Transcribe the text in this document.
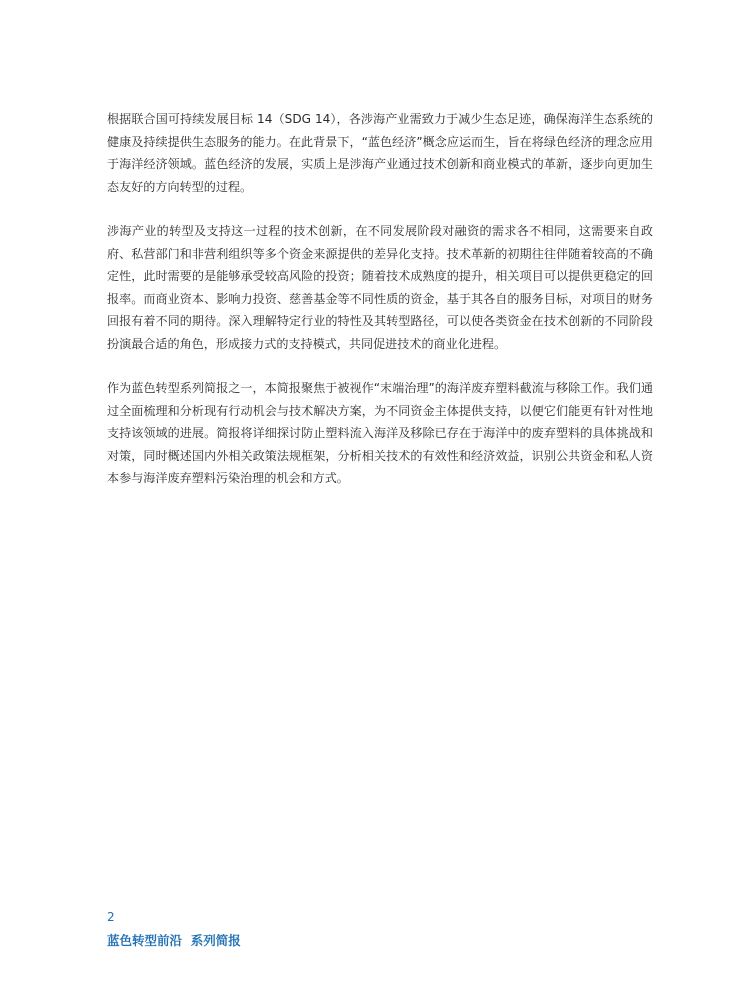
根据联合国可持续发展目标 14（SDG 14），各涉海产业需致力于减少生态足迹，确保海洋生态系统的健康及持续提供生态服务的能力。在此背景下，“蓝色经济”概念应运而生，旨在将绿色经济的理念应用于海洋经济领域。蓝色经济的发展，实质上是涉海产业通过技术创新和商业模式的革新，逐步向更加生态友好的方向转型的过程。

涉海产业的转型及支持这一过程的技术创新，在不同发展阶段对融资的需求各不相同，这需要来自政府、私营部门和非营利组织等多个资金来源提供的差异化支持。技术革新的初期往往伴随着较高的不确定性，此时需要的是能够承受较高风险的投资；随着技术成熟度的提升，相关项目可以提供更稳定的回报率。而商业资本、影响力投资、慈善基金等不同性质的资金，基于其各自的服务目标，对项目的财务回报有着不同的期待。深入理解特定行业的特性及其转型路径，可以使各类资金在技术创新的不同阶段扮演最合适的角色，形成接力式的支持模式，共同促进技术的商业化进程。

作为蓝色转型系列简报之一，本简报聚焦于被视作“末端治理”的海洋废弃塑料截流与移除工作。我们通过全面梳理和分析现有行动机会与技术解决方案，为不同资金主体提供支持，以便它们能更有针对性地支持该领域的进展。简报将详细探讨防止塑料流入海洋及移除已存在于海洋中的废弃塑料的具体挑战和对策，同时概述国内外相关政策法规框架，分析相关技术的有效性和经济效益，识别公共资金和私人资本参与海洋废弃塑料污染治理的机会和方式。

2
蓝色转型前沿  系列简报
